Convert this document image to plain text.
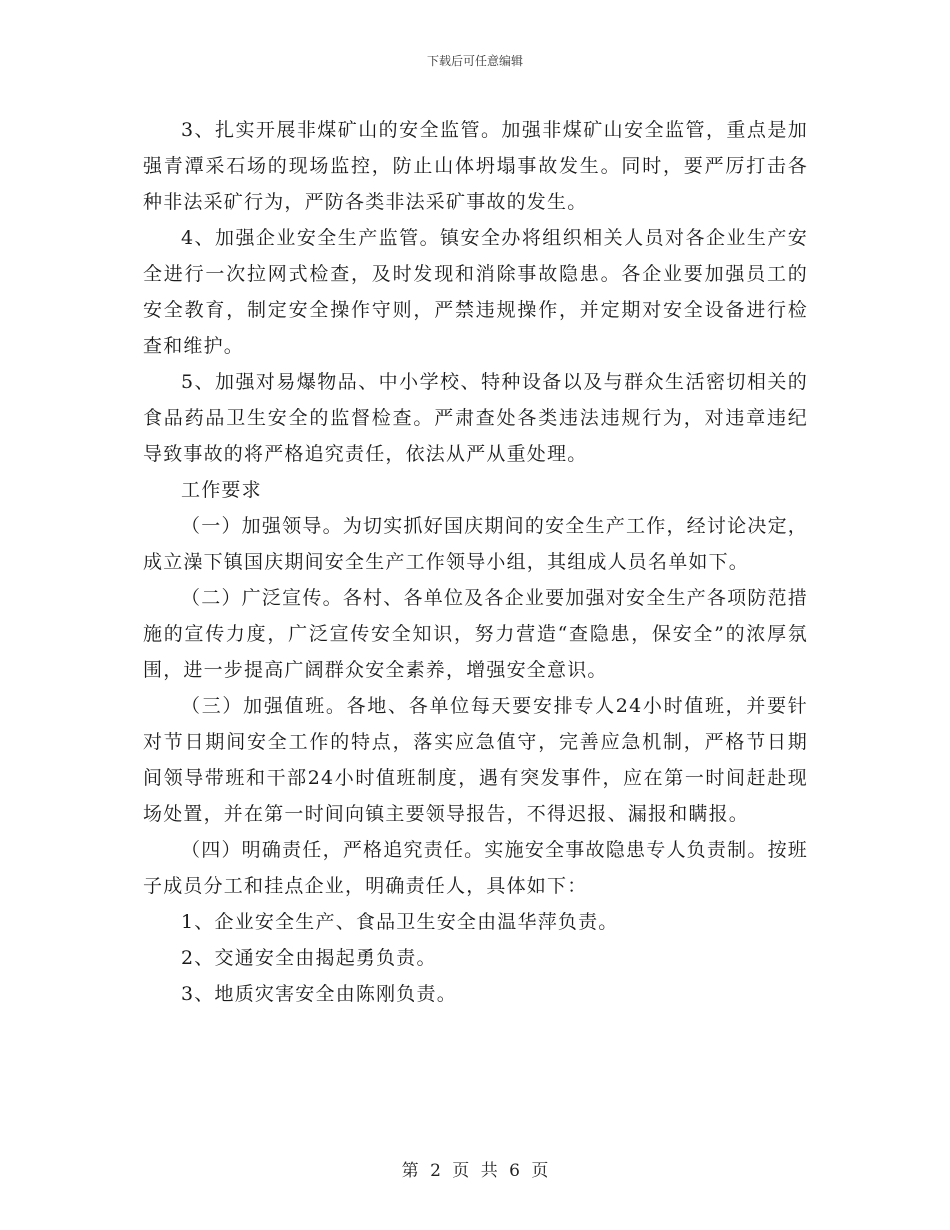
下载后可任意编辑

3、扎实开展非煤矿山的安全监管。加强非煤矿山安全监管，重点是加强青潭采石场的现场监控，防止山体坍塌事故发生。同时，要严厉打击各种非法采矿行为，严防各类非法采矿事故的发生。

4、加强企业安全生产监管。镇安全办将组织相关人员对各企业生产安全进行一次拉网式检查，及时发现和消除事故隐患。各企业要加强员工的安全教育，制定安全操作守则，严禁违规操作，并定期对安全设备进行检查和维护。

5、加强对易爆物品、中小学校、特种设备以及与群众生活密切相关的食品药品卫生安全的监督检查。严肃查处各类违法违规行为，对违章违纪导致事故的将严格追究责任，依法从严从重处理。

工作要求

（一）加强领导。为切实抓好国庆期间的安全生产工作，经讨论决定，成立澡下镇国庆期间安全生产工作领导小组，其组成人员名单如下。

（二）广泛宣传。各村、各单位及各企业要加强对安全生产各项防范措施的宣传力度，广泛宣传安全知识，努力营造“查隐患，保安全”的浓厚氛围，进一步提高广阔群众安全素养，增强安全意识。

（三）加强值班。各地、各单位每天要安排专人24小时值班，并要针对节日期间安全工作的特点，落实应急值守，完善应急机制，严格节日期间领导带班和干部24小时值班制度，遇有突发事件，应在第一时间赶赴现场处置，并在第一时间向镇主要领导报告，不得迟报、漏报和瞒报。

（四）明确责任，严格追究责任。实施安全事故隐患专人负责制。按班子成员分工和挂点企业，明确责任人，具体如下：

1、企业安全生产、食品卫生安全由温华萍负责。

2、交通安全由揭起勇负责。

3、地质灾害安全由陈刚负责。

第 2 页 共 6 页
